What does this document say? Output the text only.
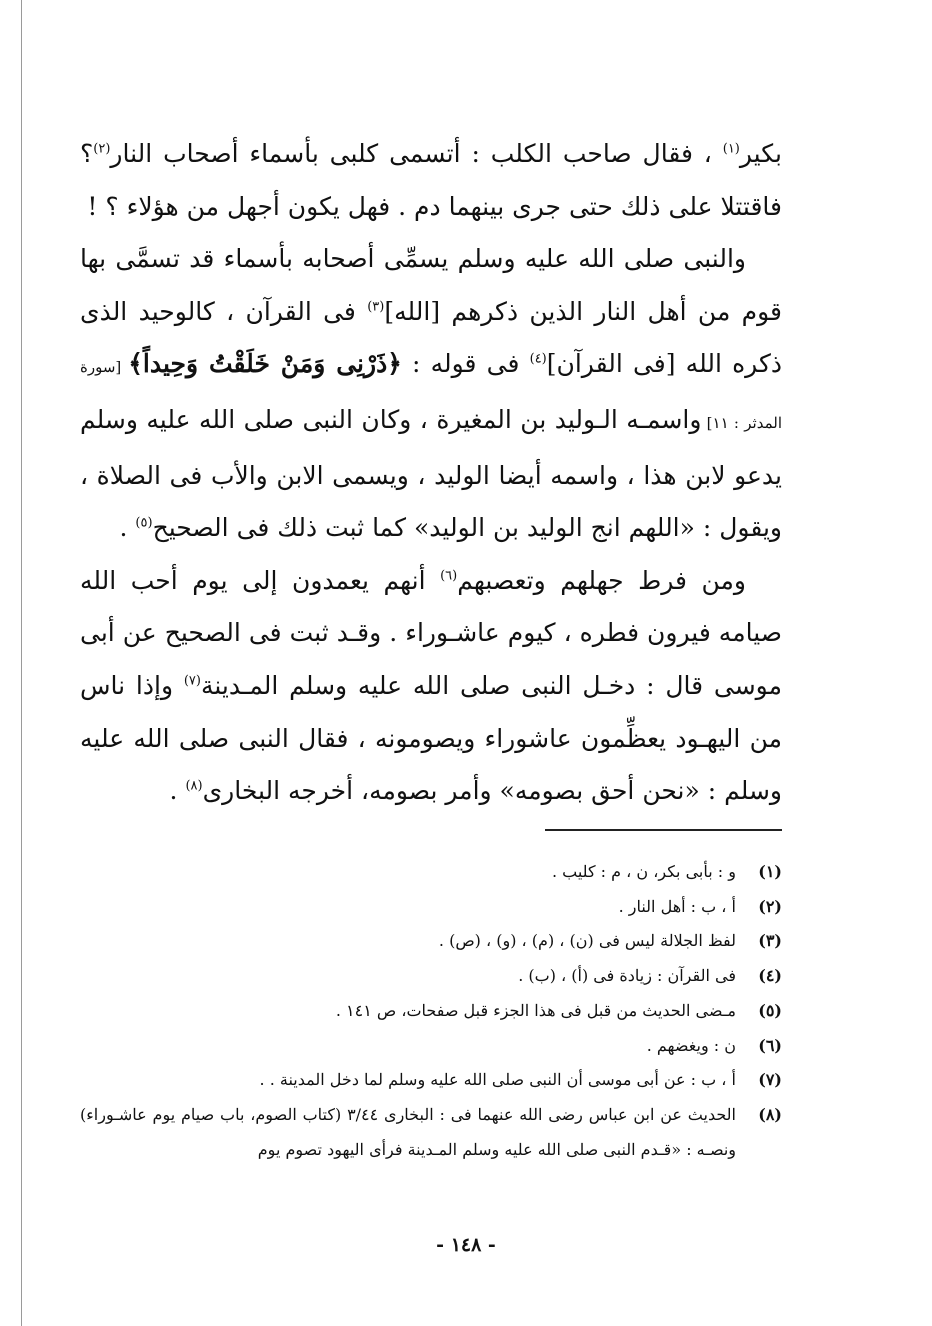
بكير$^{(١)}$ ، فقال صاحب الكلب : أتسمى كلبى بأسماء أصحاب النار$^{(٢)}$؟ فاقتتلا على ذلك حتى جرى بينهما دم . فهل يكون أجهل من هؤلاء ؟ !

والنبى صلى الله عليه وسلم يسمِّى أصحابه بأسماء قد تسمَّى بها قوم من أهل النار الذين ذكرهم [الله]$^{(٣)}$ فى القرآن ، كالوحيد الذى ذكره الله [فى القرآن]$^{(٤)}$ فى قوله : ﴿ذَرْنِى وَمَنْ خَلَقْتُ وَحِيداً﴾ [سورة المدثر : ١١] واسمـه الـوليد بن المغيرة ، وكان النبى صلى الله عليه وسلم يدعو لابن هذا ، واسمه أيضا الوليد ، ويسمى الابن والأب فى الصلاة ، ويقول : «اللهم انج الوليد بن الوليد» كما ثبت ذلك فى الصحيح$^{(٥)}$ .

ومن فرط جهلهم وتعصبهم$^{(٦)}$ أنهم يعمدون إلى يوم أحب الله صيامه فيرون فطره ، كيوم عاشـوراء . وقـد ثبت فى الصحيح عن أبى موسى قال : دخـل النبى صلى الله عليه وسلم المـدينة$^{(٧)}$ وإذا ناس من اليهـود يعظِّمون عاشوراء ويصومونه ، فقال النبى صلى الله عليه وسلم : «نحن أحق بصومه» وأمر بصومه، أخرجه البخارى$^{(٨)}$ .

(١)
و : بأبى بكر، ن ، م : كليب .
(٢)
أ ، ب : أهل النار .
(٣)
لفظ الجلالة ليس فى (ن) ، (م) ، (و) ، (ص) .
(٤)
فى القرآن : زيادة فى (أ) ، (ب) .
(٥)
مـضى الحديث من قبل فى هذا الجزء قبل صفحات، ص ١٤١ .
(٦)
ن : ويغضهم .
(٧)
أ ، ب : عن أبى موسى أن النبى صلى الله عليه وسلم لما دخل المدينة . .
(٨)
الحديث عن ابن عباس رضى الله عنهما فى : البخارى ٣/٤٤ (كتاب الصوم، باب صيام يوم عاشـوراء) ونصـه : «قـدم النبى صلى الله عليه وسلم المـدينة فرأى اليهود تصوم يوم
- ١٤٨ -
